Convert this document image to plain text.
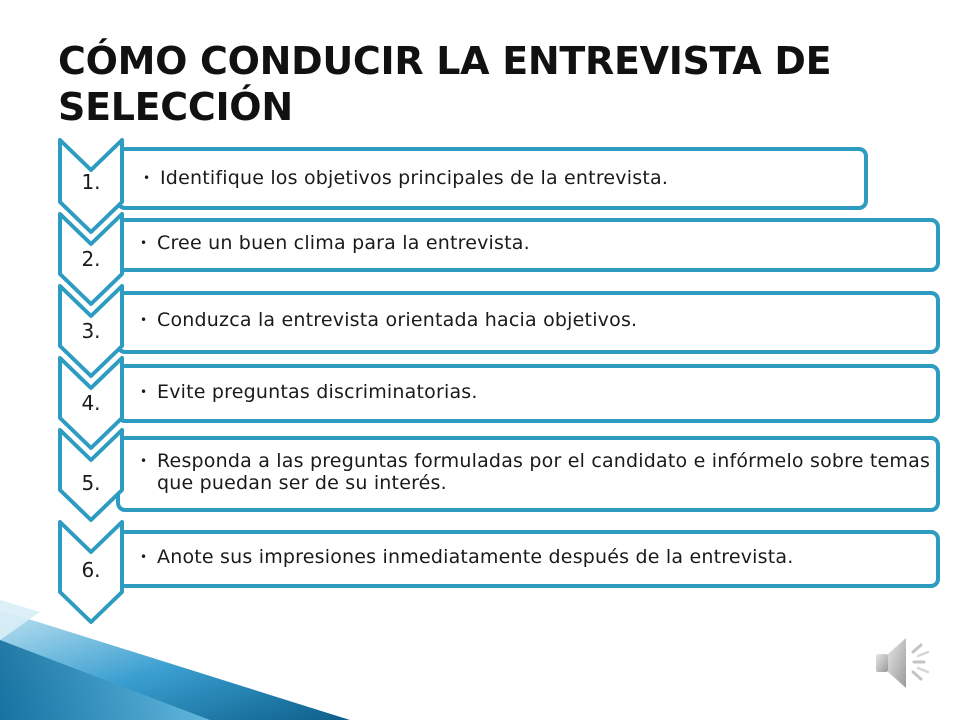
CÓMO CONDUCIR LA ENTREVISTA DE SELECCIÓN
1.
2.
3.
4.
5.
6.

• Identifique los objetivos principales de la entrevista.

• Cree un buen clima para la entrevista.

• Conduzca la entrevista orientada hacia objetivos.

• Evite preguntas discriminatorias.

• Responda a las preguntas formuladas por el candidato e infórmelo sobre temas que puedan ser de su interés.

• Anote sus impresiones inmediatamente después de la entrevista.
